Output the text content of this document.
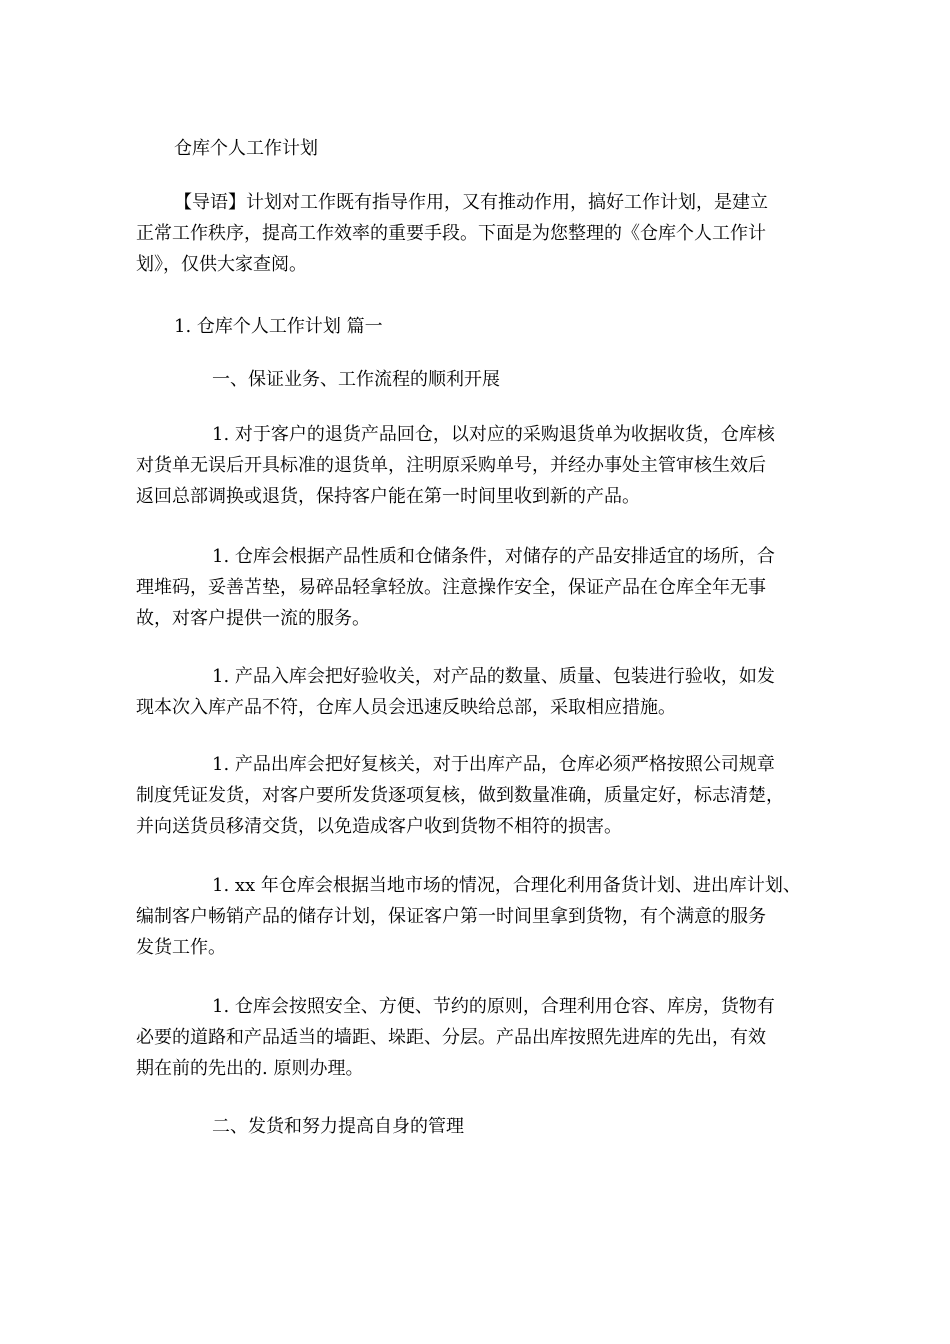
仓库个人工作计划

【导语】计划对工作既有指导作用，又有推动作用，搞好工作计划，是建立
正常工作秩序，提高工作效率的重要手段。下面是为您整理的《仓库个人工作计
划》，仅供大家查阅。

1. 仓库个人工作计划 篇一

一、保证业务、工作流程的顺利开展

1. 对于客户的退货产品回仓，以对应的采购退货单为收据收货，仓库核
对货单无误后开具标准的退货单，注明原采购单号，并经办事处主管审核生效后
返回总部调换或退货，保持客户能在第一时间里收到新的产品。

1. 仓库会根据产品性质和仓储条件，对储存的产品安排适宜的场所，合
理堆码，妥善苫垫，易碎品轻拿轻放。注意操作安全，保证产品在仓库全年无事
故，对客户提供一流的服务。

1. 产品入库会把好验收关，对产品的数量、质量、包装进行验收，如发
现本次入库产品不符，仓库人员会迅速反映给总部，采取相应措施。

1. 产品出库会把好复核关，对于出库产品，仓库必须严格按照公司规章
制度凭证发货，对客户要所发货逐项复核，做到数量准确，质量定好，标志清楚，
并向送货员移清交货，以免造成客户收到货物不相符的损害。

1. xx 年仓库会根据当地市场的情况，合理化利用备货计划、进出库计划、
编制客户畅销产品的储存计划，保证客户第一时间里拿到货物，有个满意的服务
发货工作。

1. 仓库会按照安全、方便、节约的原则，合理利用仓容、库房，货物有
必要的道路和产品适当的墙距、垛距、分层。产品出库按照先进库的先出，有效
期在前的先出的. 原则办理。

二、发货和努力提高自身的管理
